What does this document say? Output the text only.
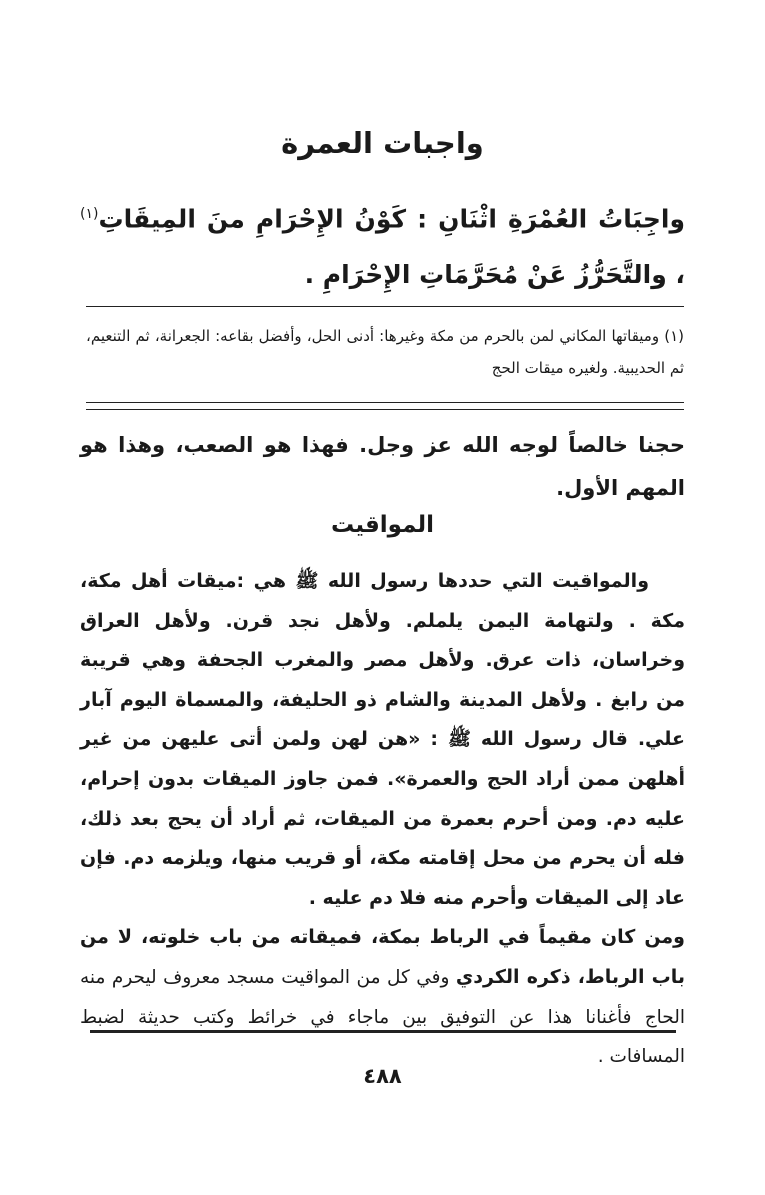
واجبات العمرة

واجِبَاتُ العُمْرَةِ اثْنَانِ : كَوْنُ الإِحْرَامِ منَ المِيقَاتِ$^{(١)}$ ، والتَّحَرُّزُ عَنْ مُحَرَّمَاتِ الإِحْرَامِ .

(١) وميقاتها المكاني لمن بالحرم من مكة وغيرها: أدنى الحل، وأفضل بقاعه: الجعرانة، ثم التنعيم، ثم الحديبية. ولغيره ميقات الحج

حجنا خالصاً لوجه الله عز وجل. فهذا هو الصعب، وهذا هو المهم الأول.

المواقيت

والمواقيت التي حددها رسول الله ﷺ هي :ميقات أهل مكة، مكة . ولتهامة اليمن يلملم. ولأهل نجد قرن. ولأهل العراق وخراسان، ذات عرق. ولأهل مصر والمغرب الجحفة وهي قريبة من رابغ . ولأهل المدينة والشام ذو الحليفة، والمسماة اليوم آبار علي. قال رسول الله ﷺ : «هن لهن ولمن أتى عليهن من غير أهلهن ممن أراد الحج والعمرة». فمن جاوز الميقات بدون إحرام، عليه دم. ومن أحرم بعمرة من الميقات، ثم أراد أن يحج بعد ذلك، فله أن يحرم من محل إقامته مكة، أو قريب منها، ويلزمه دم. فإن عاد إلى الميقات وأحرم منه فلا دم عليه .

ومن كان مقيماً في الرباط بمكة، فميقاته من باب خلوته، لا من باب الرباط، ذكره الكردي وفي كل من المواقيت مسجد معروف ليحرم منه الحاج فأغنانا هذا عن التوفيق بين ماجاء في خرائط وكتب حديثة لضبط المسافات .

٤٨٨
